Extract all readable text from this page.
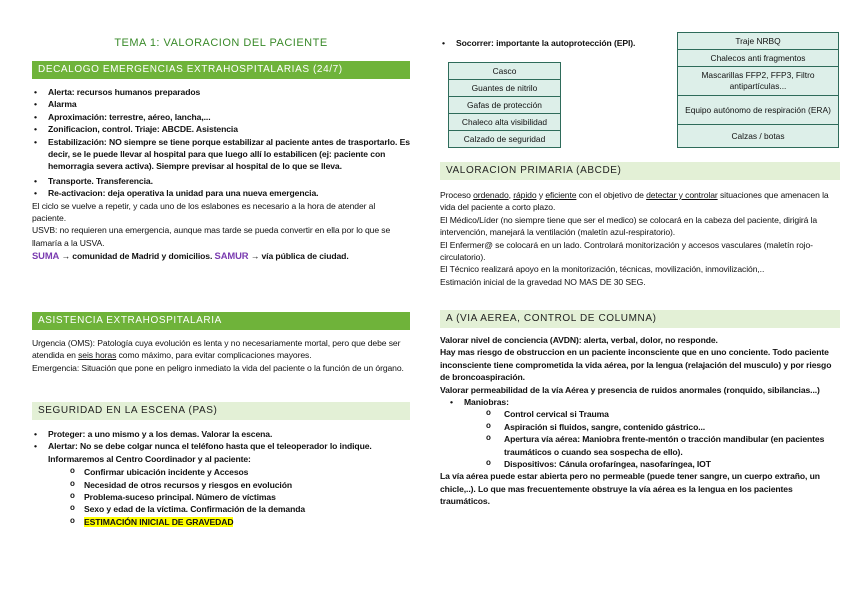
TEMA 1: VALORACION DEL PACIENTE
DECALOGO EMERGENCIAS EXTRAHOSPITALARIAS (24/7)
• Alerta: recursos humanos preparados
• Alarma
• Aproximación: terrestre, aéreo, lancha,...
• Zonificacion, control. Triaje: ABCDE. Asistencia
• Estabilización: NO siempre se tiene porque estabilizar al paciente antes de trasportarlo. Es decir, se le puede llevar al hospital para que luego allí lo estabilicen (ej: paciente con hemorragia severa activa). Siempre previsar al hospital de lo que se lleva.
• Transporte. Transferencia.
• Re-activacion: deja operativa la unidad para una nueva emergencia.
El ciclo se vuelve a repetir, y cada uno de los eslabones es necesario a la hora de atender al paciente.
USVB: no requieren una emergencia, aunque mas tarde se pueda convertir en ella por lo que se llamaría a la USVA.
SUMA → comunidad de Madrid y domicilios. SAMUR → vía pública de ciudad.
ASISTENCIA EXTRAHOSPITALARIA
Urgencia (OMS): Patología cuya evolución es lenta y no necesariamente mortal, pero que debe ser atendida en seis horas como máximo, para evitar complicaciones mayores.
Emergencia: Situación que pone en peligro inmediato la vida del paciente o la función de un órgano.
SEGURIDAD EN LA ESCENA (PAS)
• Proteger: a uno mismo y a los demas. Valorar la escena.
• Alertar: No se debe colgar nunca el teléfono hasta que el teleoperador lo indique. Informaremos al Centro Coordinador y al paciente:
o Confirmar ubicación incidente y Accesos
o Necesidad de otros recursos y riesgos en evolución
o Problema-suceso principal. Número de víctimas
o Sexo y edad de la víctima. Confirmación de la demanda
o ESTIMACIÓN INICIAL DE GRAVEDAD
• Socorrer: importante la autoprotección (EPI).
Casco
Guantes de nitrilo
Gafas de protección
Chaleco alta visibilidad
Calzado de seguridad
Traje NRBQ
Chalecos anti fragmentos
Mascarillas FFP2, FFP3, Filtro antipartículas...
Equipo autónomo de respiración (ERA)
Calzas / botas
VALORACION PRIMARIA (ABCDE)
Proceso ordenado, rápido y eficiente con el objetivo de detectar y controlar situaciones que amenacen la vida del paciente a corto plazo.
El Médico/Líder (no siempre tiene que ser el medico) se colocará en la cabeza del paciente, dirigirá la intervención, manejará la ventilación (maletín azul-respiratorio).
El Enfermer@ se colocará en un lado. Controlará monitorización y accesos vasculares (maletín rojo-circulatorio).
El Técnico realizará apoyo en la monitorización, técnicas, movilización, inmovilización,..
Estimación inicial de la gravedad NO MAS DE 30 SEG.
A (VIA AEREA, CONTROL DE COLUMNA)
Valorar nivel de conciencia (AVDN): alerta, verbal, dolor, no responde.
Hay mas riesgo de obstruccion en un paciente inconsciente que en uno conciente. Todo paciente inconsciente tiene comprometida la vida aérea, por la lengua (relajación del musculo) y por riesgo de broncoaspiración.
Valorar permeabilidad de la vía Aérea y presencia de ruidos anormales (ronquido, sibilancias...)
• Maniobras:
o Control cervical si Trauma
o Aspiración si fluidos, sangre, contenido gástrico...
o Apertura vía aérea: Maniobra frente-mentón o tracción mandibular (en pacientes traumáticos o cuando sea sospecha de ello).
o Dispositivos: Cánula orofaríngea, nasofaríngea, IOT
La vía aérea puede estar abierta pero no permeable (puede tener sangre, un cuerpo extraño, un chicle,..). Lo que mas frecuentemente obstruye la vía aérea es la lengua en los pacientes traumáticos.
